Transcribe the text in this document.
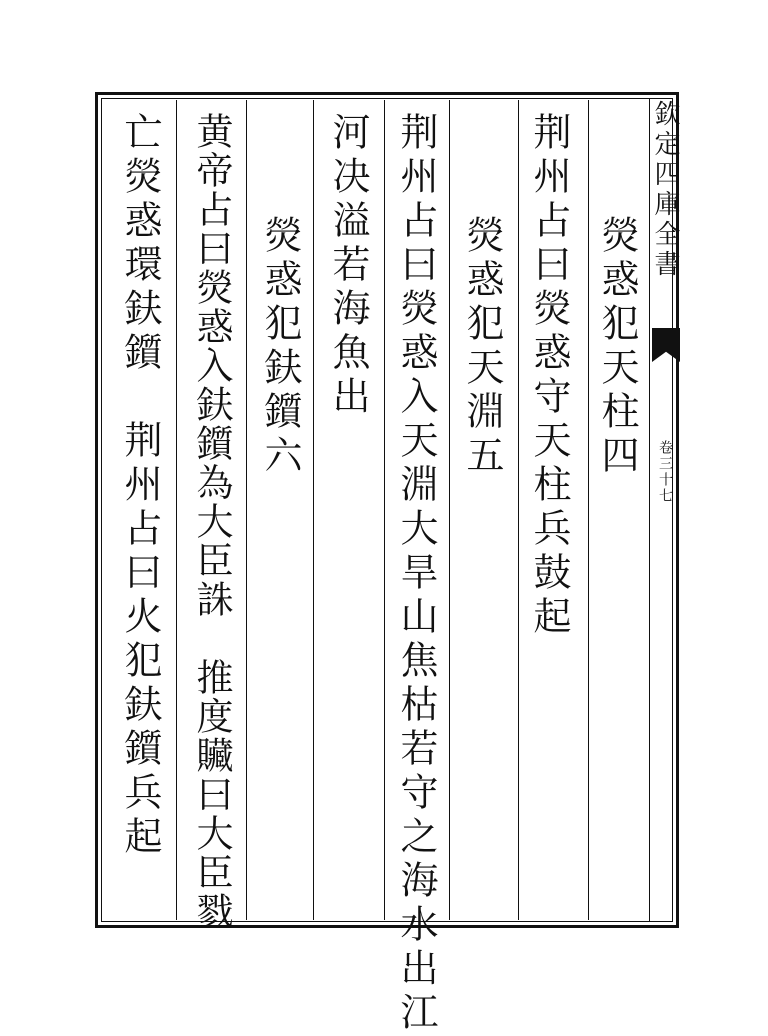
欽定四庫全書
卷三十七
熒惑犯天柱四
荆州占曰熒惑守天柱兵鼓起
熒惑犯天淵五
荆州占曰熒惑入天淵大旱山焦枯若守之海水出江
河决溢若海魚出
熒惑犯鈇鑕六
黄帝占曰熒惑入鈇鑕為大臣誅　推度贜曰大臣戮
亡熒惑環鈇鑕　荆州占曰火犯鈇鑕兵起
